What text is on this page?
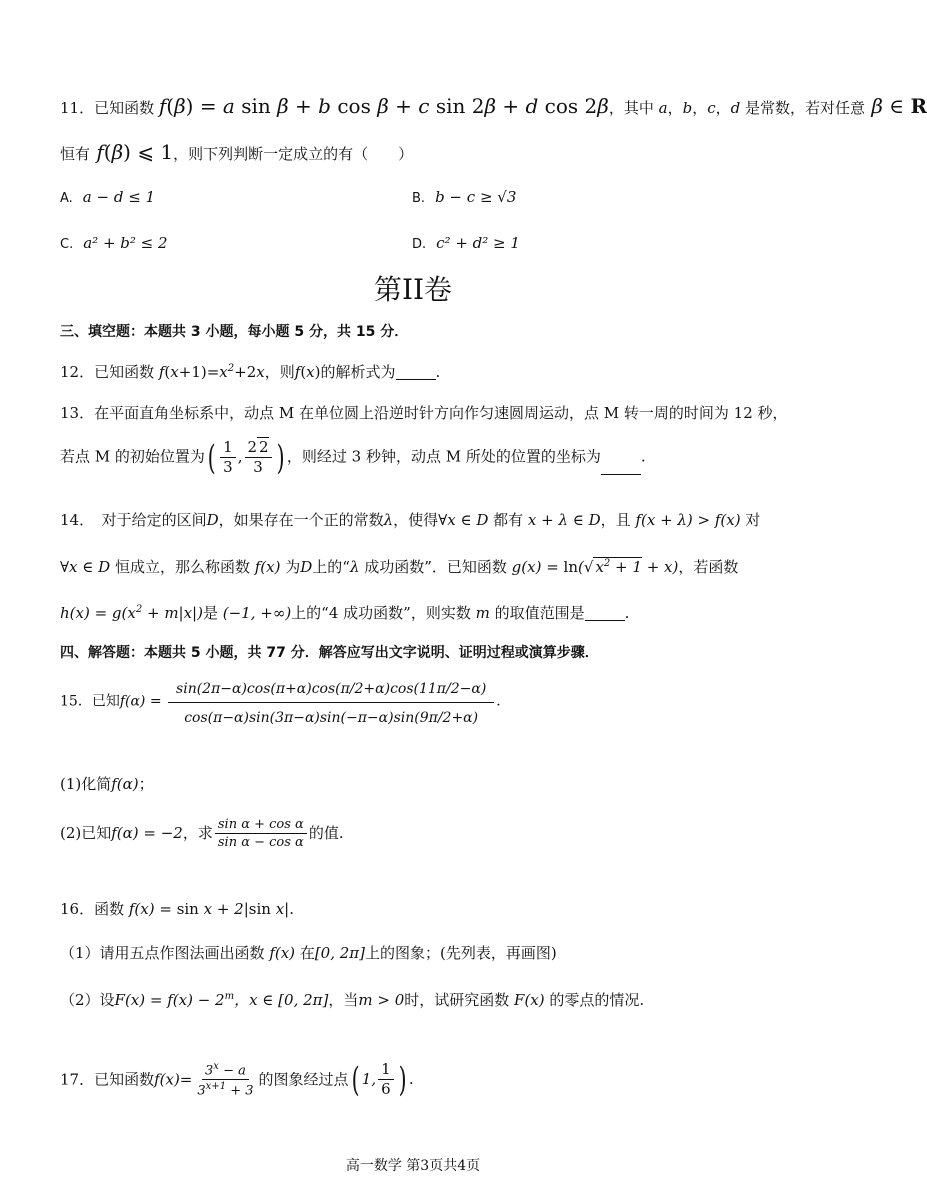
11．已知函数 f(β) = a sin β + b cos β + c sin 2β + d cos 2β，其中 a，b，c，d 是常数，若对任意 β ∈ R
恒有 f(β) ⩽ 1，则下列判断一定成立的有（　　）
A. a − d ≤ 1	B. b − c ≥ √3
C. a² + b² ≤ 2	D. c² + d² ≥ 1
第II卷
三、填空题：本题共 3 小题，每小题 5 分，共 15 分．
12．已知函数 $f(x+1)=x^2+2x$，则f(x)的解析式为	.
13．在平面直角坐标系中，动点 M 在单位圆上沿逆时针方向作匀速圆周运动，点 M 转一周的时间为 12 秒，
若点 M 的初始位置为( $\frac{1}{3}$ , $\frac{2 2}{3}$ ) ，则经过 3 秒钟，动点 M 所处的位置的坐标为	.
14．　对于给定的区间D，如果存在一个正的常数λ，使得∀x ∈ D 都有 x + λ ∈ D，且 f(x + λ) > f(x) 对
∀x ∈ D 恒成立，那么称函数 f(x) 为D上的“λ 成功函数”．已知函数 g(x) = ln(√ $x^2 + 1 + x$)，若函数
$h(x) = g(x^2 + m|x|)$是 (−1, +∞)上的“4 成功函数”，则实数 m 的取值范围是	.
四、解答题：本题共 5 小题，共 77 分．解答应写出文字说明、证明过程或演算步骤．
15．已知$f(\alpha) = \frac{\sin(2\pi-\alpha)\cos(\pi+\alpha)\cos(\pi/2+\alpha)\cos(11\pi/2-\alpha)}{\cos(\pi-\alpha)\sin(3\pi-\alpha)\sin(-\pi-\alpha)\sin(9\pi/2+\alpha)}$ .
(1)化简f(α)；
(2)已知f(α) = −2，求 $\frac{\text{sin α + cos α}}{\text{sin α − cos α}}$ 的值.
16．函数 f(x) = sin x + 2|sin x|.
（1）请用五点作图法画出函数 f(x) 在[0, 2π]上的图象；(先列表，再画图)
（2）设$F(x) = f(x) - 2^m$，x ∈ [0, 2π]，当m > 0时，试研究函数 F(x) 的零点的情况.
17．已知函数$f(x)= \frac{3^x - a}{3^{x+1} + 3}$ 的图象经过点( 1, $\frac{1}{6}$ ) .
高一数学 第3页共4页
